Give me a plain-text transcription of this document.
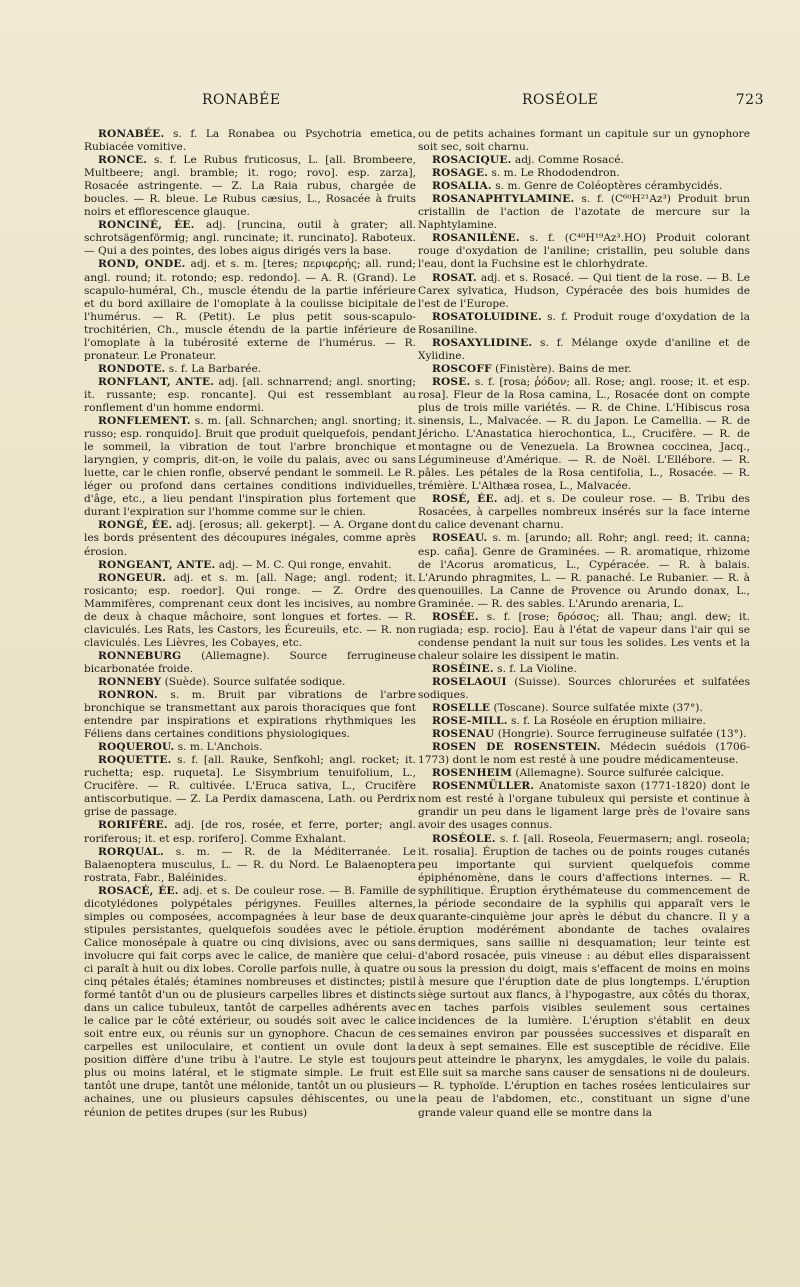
RONABÉE	ROSÉOLE	723

RONABÉE. s. f. La Ronabea ou Psychotria emetica, Rubiacée vomitive.

RONCE. s. f. Le Rubus fruticosus, L. [all. Brombeere, Multbeere; angl. bramble; it. rogo; rovo]. esp. zarza], Rosacée astringente. — Z. La Raia rubus, chargée de boucles. — R. bleue. Le Rubus cæsius, L., Rosacée à fruits noirs et efflorescence glauque.

RONCINÉ, ÉE. adj. [runcina, outil à grater; all. schrotsägenförmig; angl. runcinate; it. runcinato]. Raboteux. — Qui a des pointes, des lobes aigus dirigés vers la base.

ROND, ONDE. adj. et s. m. [teres; περιφερής; all. rund; angl. round; it. rotondo; esp. redondo]. — A. R. (Grand). Le scapulo-huméral, Ch., muscle étendu de la partie inférieure et du bord axillaire de l'omoplate à la coulisse bicipitale de l'humérus. — R. (Petit). Le plus petit sous-scapulo-trochitérien, Ch., muscle étendu de la partie inférieure de l'omoplate à la tubérosité externe de l'humérus. — R. pronateur. Le Pronateur.

RONDOTE. s. f. La Barbarée.

RONFLANT, ANTE. adj. [all. schnarrend; angl. snorting; it. russante; esp. roncante]. Qui est ressemblant au ronflement d'un homme endormi.

RONFLEMENT. s. m. [all. Schnarchen; angl. snorting; it. russo; esp. ronquido]. Bruit que produit quelquefois, pendant le sommeil, la vibration de tout l'arbre bronchique et laryngien, y compris, dit-on, le voile du palais, avec ou sans luette, car le chien ronfle, observé pendant le sommeil. Le R. léger ou profond dans certaines conditions individuelles, d'âge, etc., a lieu pendant l'inspiration plus fortement que durant l'expiration sur l'homme comme sur le chien.

RONGÉ, ÉE. adj. [erosus; all. gekerpt]. — A. Organe dont les bords présentent des découpures inégales, comme après érosion.

RONGEANT, ANTE. adj. — M. C. Qui ronge, envahit.

RONGEUR. adj. et s. m. [all. Nage; angl. rodent; it. rosicanto; esp. roedor]. Qui ronge. — Z. Ordre des Mammifères, comprenant ceux dont les incisives, au nombre de deux à chaque mâchoire, sont longues et fortes. — R. claviculés. Les Rats, les Castors, les Écureuils, etc. — R. non claviculés. Les Lièvres, les Cobayes, etc.

RONNEBURG (Allemagne). Source ferrugineuse bicarbonatée froide.

RONNEBY (Suède). Source sulfatée sodique.

RONRON. s. m. Bruit par vibrations de l'arbre bronchique se transmettant aux parois thoraciques que font entendre par inspirations et expirations rhythmiques les Féliens dans certaines conditions physiologiques.

ROQUEROU. s. m. L'Anchois.

ROQUETTE. s. f. [all. Rauke, Senfkohl; angl. rocket; it. ruchetta; esp. ruqueta]. Le Sisymbrium tenuifolium, L., Crucifère. — R. cultivée. L'Eruca sativa, L., Crucifère antiscorbutique. — Z. La Perdix damascena, Lath. ou Perdrix grise de passage.

RORIFÈRE. adj. [de ros, rosée, et ferre, porter; angl. roriferous; it. et esp. rorifero]. Comme Exhalant.

RORQUAL. s. m. — R. de la Méditerranée. Le Balaenoptera musculus, L. — R. du Nord. Le Balaenoptera rostrata, Fabr., Baléinides.

ROSACÉ, ÉE. adj. et s. De couleur rose. — B. Famille de dicotylédones polypétales périgynes. Feuilles alternes, simples ou composées, accompagnées à leur base de deux stipules persistantes, quelquefois soudées avec le pétiole. Calice monosépale à quatre ou cinq divisions, avec ou sans involucre qui fait corps avec le calice, de manière que celui-ci paraît à huit ou dix lobes. Corolle parfois nulle, à quatre ou cinq pétales étalés; étamines nombreuses et distinctes; pistil formé tantôt d'un ou de plusieurs carpelles libres et distincts dans un calice tubuleux, tantôt de carpelles adhérents avec le calice par le côté extérieur, ou soudés soit avec le calice soit entre eux, ou réunis sur un gynophore. Chacun de ces carpelles est uniloculaire, et contient un ovule dont la position diffère d'une tribu à l'autre. Le style est toujours plus ou moins latéral, et le stigmate simple. Le fruit est tantôt une drupe, tantôt une mélonide, tantôt un ou plusieurs achaines, une ou plusieurs capsules déhiscentes, ou une réunion de petites drupes (sur les Rubus)

ou de petits achaines formant un capitule sur un gynophore soit sec, soit charnu.

ROSACIQUE. adj. Comme Rosacé.

ROSAGE. s. m. Le Rhododendron.

ROSALIA. s. m. Genre de Coléoptères cérambycidés.

ROSANAPHTYLAMINE. s. f. (C⁶⁰H²¹Az³) Produit brun cristallin de l'action de l'azotate de mercure sur la Naphtylamine.

ROSANILÈNE. s. f. (C⁴⁰H¹⁹Az³.HO) Produit colorant rouge d'oxydation de l'aniline; cristallin, peu soluble dans l'eau, dont la Fuchsine est le chlorhydrate.

ROSAT. adj. et s. Rosacé. — Qui tient de la rose. — B. Le Carex sylvatica, Hudson, Cypéracée des bois humides de l'est de l'Europe.

ROSATOLUIDINE. s. f. Produit rouge d'oxydation de la Rosaniline.

ROSAXYLIDINE. s. f. Mélange oxyde d'aniline et de Xylidine.

ROSCOFF (Finistère). Bains de mer.

ROSE. s. f. [rosa; ῥόδον; all. Rose; angl. roose; it. et esp. rosa]. Fleur de la Rosa camina, L., Rosacée dont on compte plus de trois mille variétés. — R. de Chine. L'Hibiscus rosa sinensis, L., Malvacée. — R. du Japon. Le Camellia. — R. de Jéricho. L'Anastatica hierochontica, L., Crucifère. — R. de montagne ou de Venezuela. La Brownea coccinea, Jacq., Légumineuse d'Amérique. — R. de Noël. L'Ellébore. — R. pâles. Les pétales de la Rosa centifolia, L., Rosacée. — R. trémière. L'Althæa rosea, L., Malvacée.

ROSÉ, ÉE. adj. et s. De couleur rose. — B. Tribu des Rosacées, à carpelles nombreux insérés sur la face interne du calice devenant charnu.

ROSEAU. s. m. [arundo; all. Rohr; angl. reed; it. canna; esp. caña]. Genre de Graminées. — R. aromatique, rhizome de l'Acorus aromaticus, L., Cypéracée. — R. à balais. L'Arundo phragmites, L. — R. panaché. Le Rubanier. — R. à quenouilles. La Canne de Provence ou Arundo donax, L., Graminée. — R. des sables. L'Arundo arenaria, L.

ROSÉE. s. f. [rose; δρόσος; all. Thau; angl. dew; it. rugiada; esp. rocio]. Eau à l'état de vapeur dans l'air qui se condense pendant la nuit sur tous les solides. Les vents et la chaleur solaire les dissipent le matin.

ROSÉINE. s. f. La Violine.

ROSELAOUI (Suisse). Sources chlorurées et sulfatées sodiques.

ROSELLE (Toscane). Source sulfatée mixte (37°).

ROSE-MILL. s. f. La Roséole en éruption miliaire.

ROSENAU (Hongrie). Source ferrugineuse sulfatée (13°).

ROSEN DE ROSENSTEIN. Médecin suédois (1706-1773) dont le nom est resté à une poudre médicamenteuse.

ROSENHEIM (Allemagne). Source sulfurée calcique.

ROSENMÜLLER. Anatomiste saxon (1771-1820) dont le nom est resté à l'organe tubuleux qui persiste et continue à grandir un peu dans le ligament large près de l'ovaire sans avoir des usages connus.

ROSÉOLE. s. f. [all. Roseola, Feuermasern; angl. roseola; it. rosalia]. Éruption de taches ou de points rouges cutanés peu importante qui survient quelquefois comme épiphénomène, dans le cours d'affections internes. — R. syphilitique. Éruption érythémateuse du commencement de la période secondaire de la syphilis qui apparaît vers le quarante-cinquième jour après le début du chancre. Il y a éruption modérément abondante de taches ovalaires dermiques, sans saillie ni desquamation; leur teinte est d'abord rosacée, puis vineuse : au début elles disparaissent sous la pression du doigt, mais s'effacent de moins en moins à mesure que l'éruption date de plus longtemps. L'éruption siège surtout aux flancs, à l'hypogastre, aux côtés du thorax, en taches parfois visibles seulement sous certaines incidences de la lumière. L'éruption s'établit en deux semaines environ par poussées successives et disparaît en deux à sept semaines. Elle est susceptible de récidive. Elle peut atteindre le pharynx, les amygdales, le voile du palais. Elle suit sa marche sans causer de sensations ni de douleurs. — R. typhoïde. L'éruption en taches rosées lenticulaires sur la peau de l'abdomen, etc., constituant un signe d'une grande valeur quand elle se montre dans la
